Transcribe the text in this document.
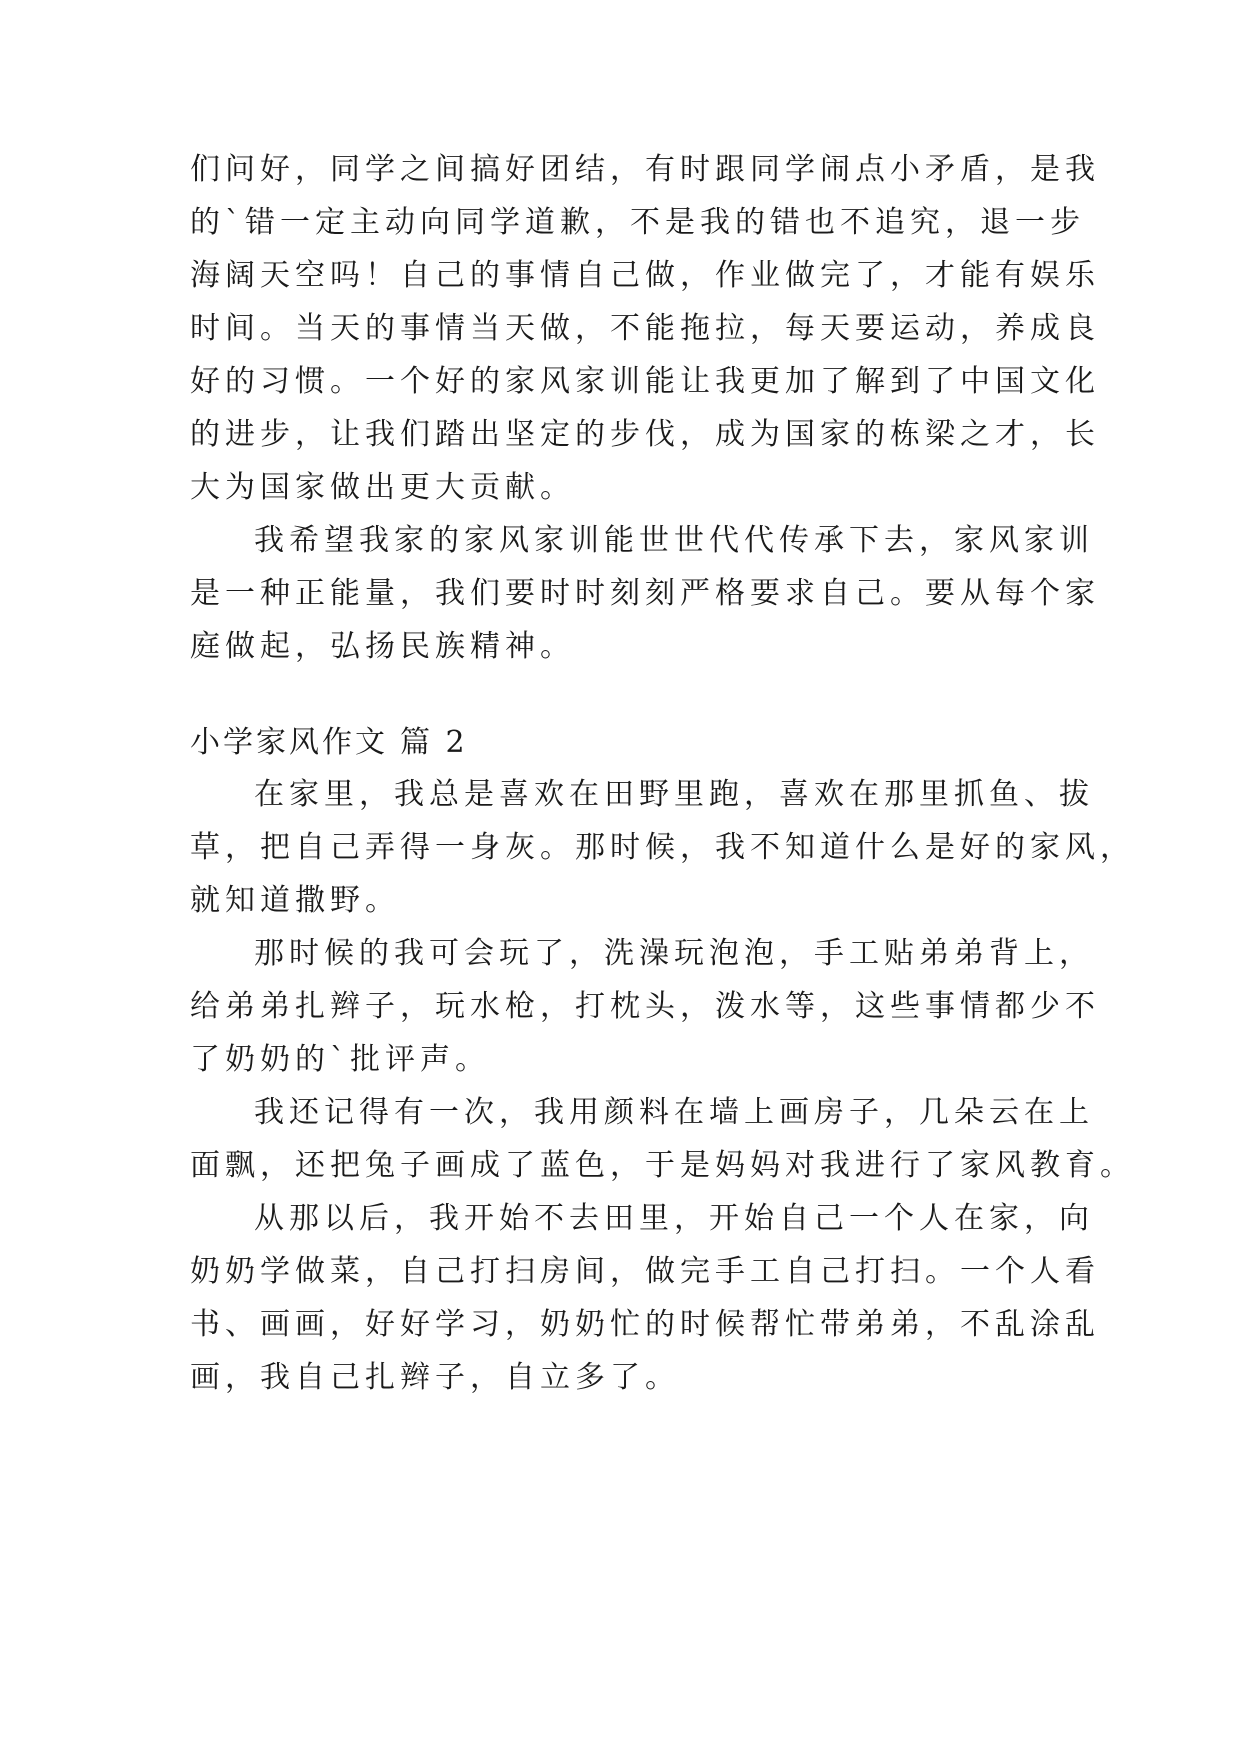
们问好，同学之间搞好团结，有时跟同学闹点小矛盾，是我
的`错一定主动向同学道歉，不是我的错也不追究，退一步
海阔天空吗！自己的事情自己做，作业做完了，才能有娱乐
时间。当天的事情当天做，不能拖拉，每天要运动，养成良
好的习惯。一个好的家风家训能让我更加了解到了中国文化
的进步，让我们踏出坚定的步伐，成为国家的栋梁之才，长
大为国家做出更大贡献。
我希望我家的家风家训能世世代代传承下去，家风家训
是一种正能量，我们要时时刻刻严格要求自己。要从每个家
庭做起，弘扬民族精神。
小学家风作文 篇 2
在家里，我总是喜欢在田野里跑，喜欢在那里抓鱼、拔
草，把自己弄得一身灰。那时候，我不知道什么是好的家风，
就知道撒野。
那时候的我可会玩了，洗澡玩泡泡，手工贴弟弟背上，
给弟弟扎辫子，玩水枪，打枕头，泼水等，这些事情都少不
了奶奶的`批评声。
我还记得有一次，我用颜料在墙上画房子，几朵云在上
面飘，还把兔子画成了蓝色，于是妈妈对我进行了家风教育。
从那以后，我开始不去田里，开始自己一个人在家，向
奶奶学做菜，自己打扫房间，做完手工自己打扫。一个人看
书、画画，好好学习，奶奶忙的时候帮忙带弟弟，不乱涂乱
画，我自己扎辫子，自立多了。
